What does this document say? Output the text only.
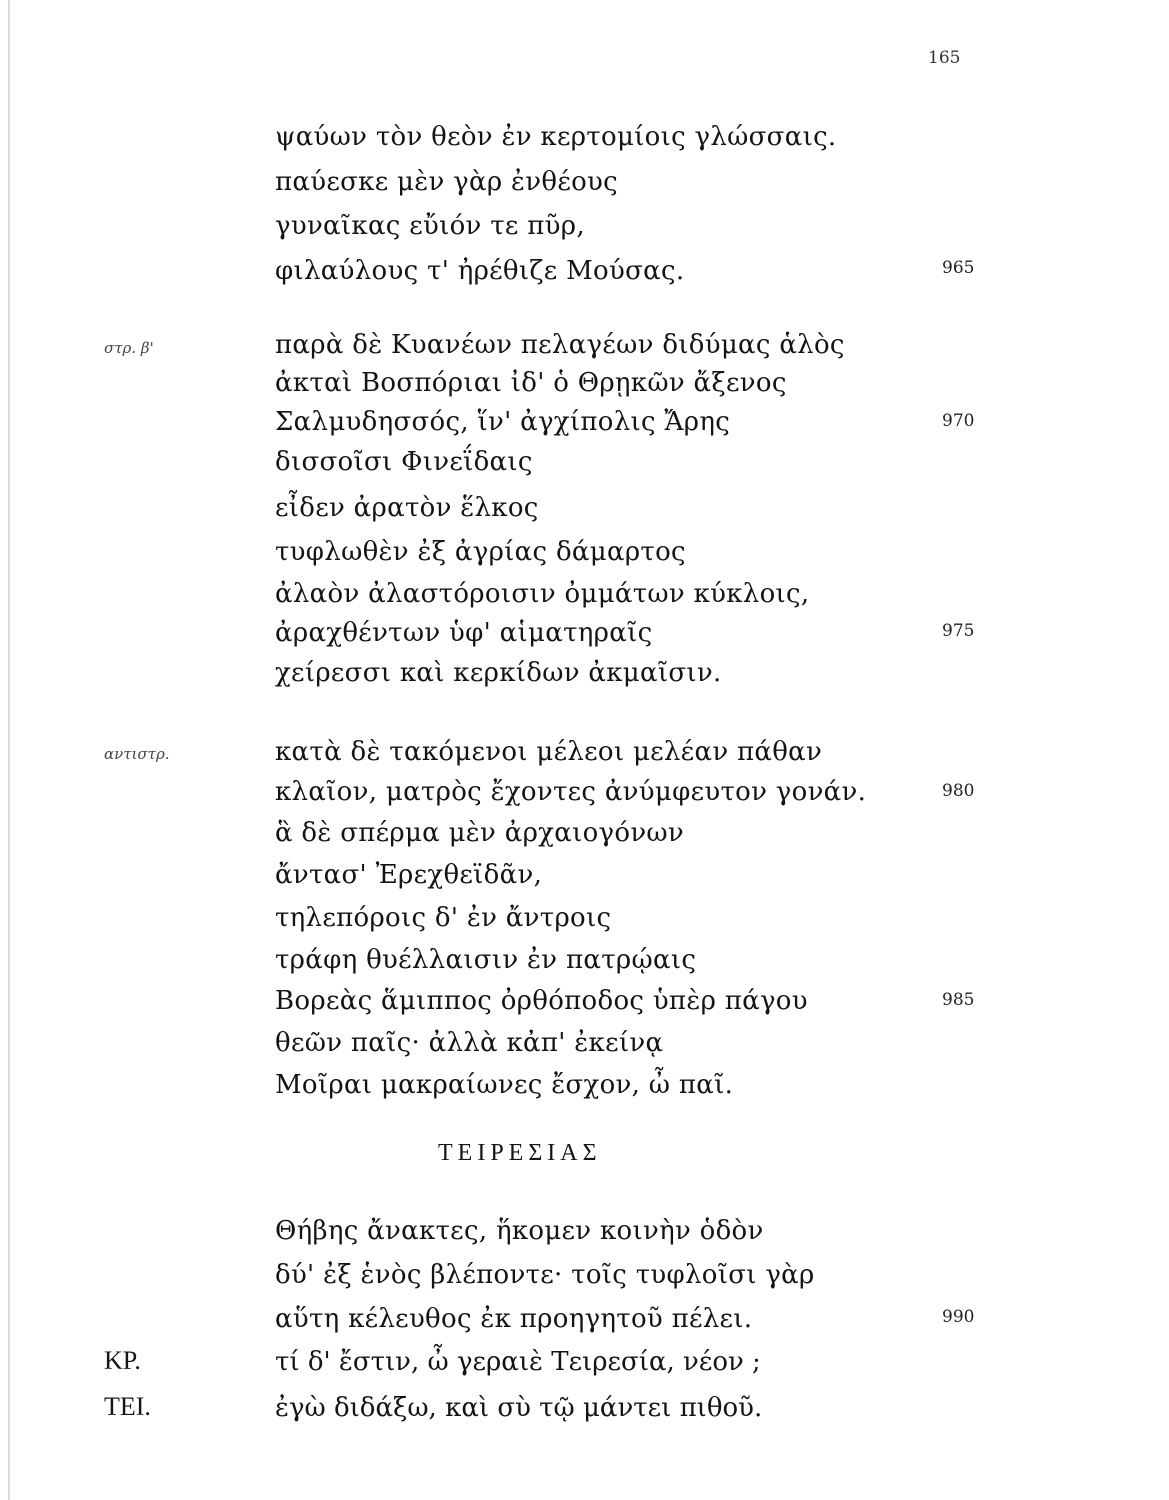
165
στρ. β'
αντιστρ.
ψαύων τὸν θεὸν ἐν κερτομίοις γλώσσαις.
παύεσκε μὲν γὰρ ἐνθέους
γυναῖκας εὔιόν τε πῦρ,
φιλαύλους τ' ἠρέθιζε Μούσας.
παρὰ δὲ Κυανέων πελαγέων διδύμας ἁλὸς
ἀκταὶ Βοσπόριαι ἰδ' ὁ Θρῃκῶν ἄξενος
Σαλμυδησσός, ἵν' ἀγχίπολις Ἄρης
δισσοῖσι Φινεΐδαις
εἶδεν ἀρατὸν ἕλκος
τυφλωθὲν ἐξ ἀγρίας δάμαρτος
ἀλαὸν ἀλαστόροισιν ὀμμάτων κύκλοις,
ἀραχθέντων ὑφ' αἱματηραῖς
χείρεσσι καὶ κερκίδων ἀκμαῖσιν.
κατὰ δὲ τακόμενοι μέλεοι μελέαν πάθαν
κλαῖον, ματρὸς ἔχοντες ἀνύμφευτον γονάν.
ἃ δὲ σπέρμα μὲν ἀρχαιογόνων
ἄντασ' Ἐρεχθεϊδᾶν,
τηλεπόροις δ' ἐν ἄντροις
τράφη θυέλλαισιν ἐν πατρῴαις
Βορεὰς ἅμιππος ὀρθόποδος ὑπὲρ πάγου
θεῶν παῖς· ἀλλὰ κἀπ' ἐκείνᾳ
Μοῖραι μακραίωνες ἔσχον, ὦ παῖ.
965
970
975
980
985
ΤΕΙΡΕΣΙΑΣ
Θήβης ἄνακτες, ἥκομεν κοινὴν ὁδὸν
δύ' ἐξ ἑνὸς βλέποντε· τοῖς τυφλοῖσι γὰρ
αὕτη κέλευθος ἐκ προηγητοῦ πέλει.	990
ΚΡ.	τί δ' ἔστιν, ὦ γεραιὲ Τειρεσία, νέον ;
ΤΕΙ.	ἐγὼ διδάξω, καὶ σὺ τῷ μάντει πιθοῦ.
